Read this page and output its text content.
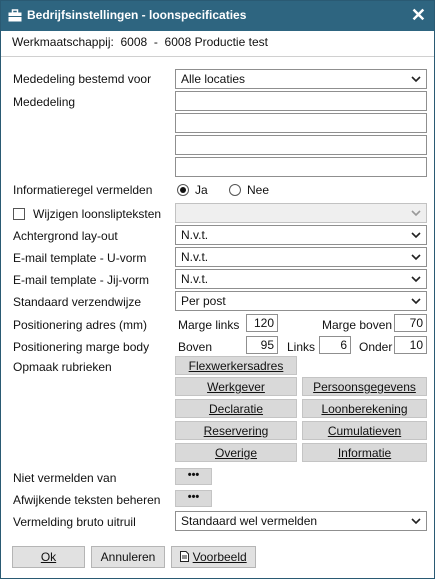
Bedrijfsinstellingen - loonspecificaties	✕
Werkmaatschappij: 6008 - 6008 Productie test
Mededeling bestemd voor	Alle locaties
Mededeling
Informatieregel vermelden	Ja	Nee
Wijzigen loonslipteksten
Achtergrond lay-out	N.v.t.
E-mail template - U-vorm	N.v.t.
E-mail template - Jij-vorm	N.v.t.
Standaard verzendwijze	Per post
Positionering adres (mm)	Marge links	120	Marge boven	70
Positionering marge body Boven	95	Links	6	Onder	10
Opmaak rubrieken	Flexwerkersadres
Werkgever	Persoonsgegevens
Declaratie	Loonberekening
Reservering	Cumulatieven
Overige	Informatie
Niet vermelden van	•••
Afwijkende teksten beheren	•••
Vermelding bruto uitruil	Standaard wel vermelden
Ok	Annuleren	Voorbeeld
